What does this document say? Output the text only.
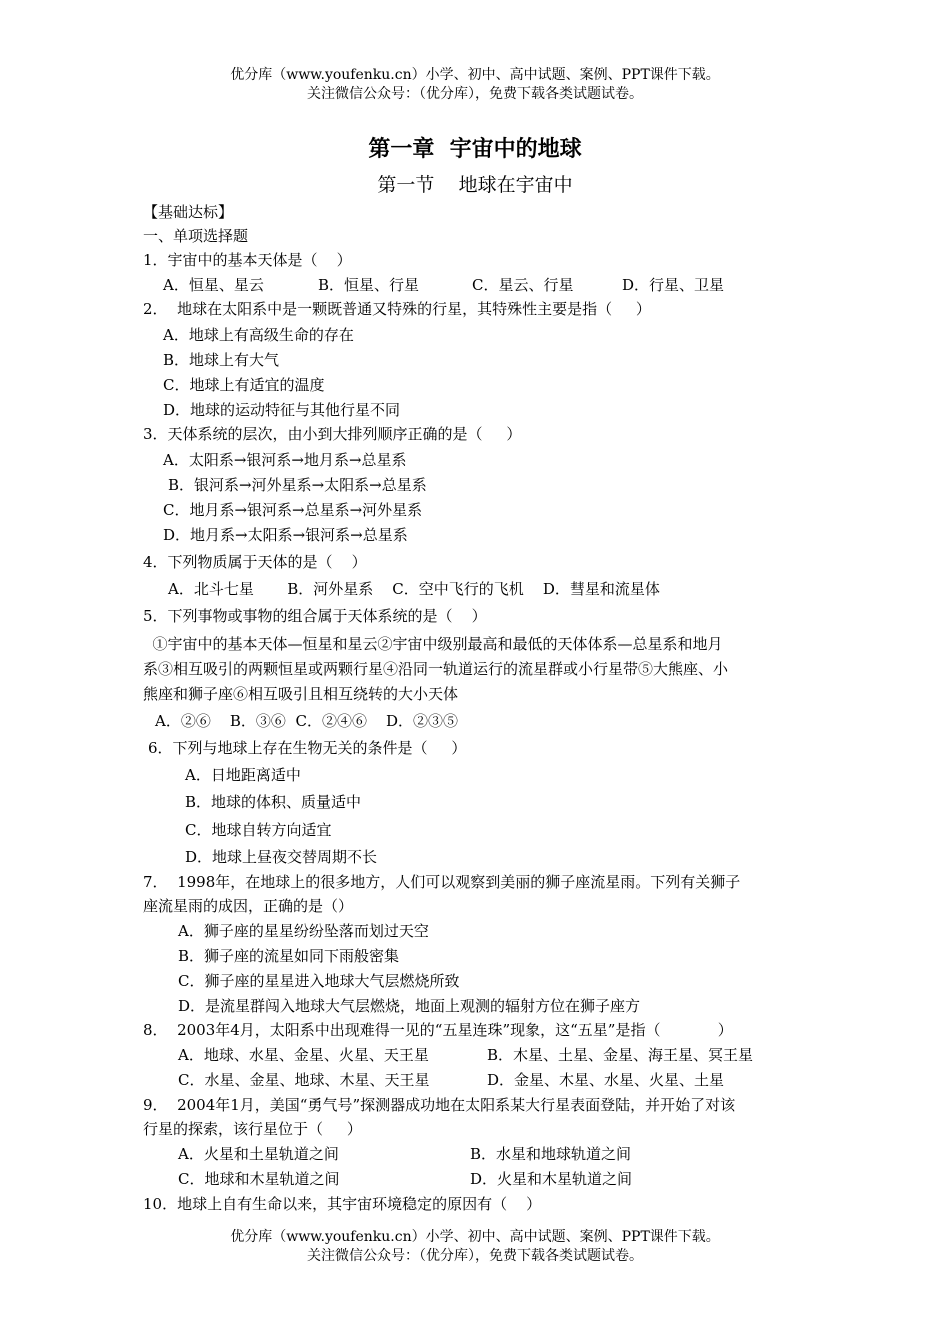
优分库（www.youfenku.cn）小学、初中、高中试题、案例、PPT课件下载。
关注微信公众号：（优分库），免费下载各类试题试卷。
第一章  宇宙中的地球
第一节    地球在宇宙中
【基础达标】
一、单项选择题
1．宇宙中的基本天体是（    ）
A．恒星、星云	B．恒星、行星	C．星云、行星	D．行星、卫星
2．  地球在太阳系中是一颗既普通又特殊的行星，其特殊性主要是指（     ）
A．地球上有高级生命的存在
B．地球上有大气
C．地球上有适宜的温度
D．地球的运动特征与其他行星不同
3．天体系统的层次，由小到大排列顺序正确的是（     ）
A．太阳系→银河系→地月系→总星系
B．银河系→河外星系→太阳系→总星系
C．地月系→银河系→总星系→河外星系
D．地月系→太阳系→银河系→总星系
4．下列物质属于天体的是（    ）
A．北斗七星       B．河外星系    C．空中飞行的飞机    D．彗星和流星体
5．下列事物或事物的组合属于天体系统的是（    ）
①宇宙中的基本天体—恒星和星云②宇宙中级别最高和最低的天体体系—总星系和地月
系③相互吸引的两颗恒星或两颗行星④沿同一轨道运行的流星群或小行星带⑤大熊座、小
熊座和狮子座⑥相互吸引且相互绕转的大小天体
A．②⑥    B．③⑥  C．②④⑥    D．②③⑤
6．下列与地球上存在生物无关的条件是（     ）
A．日地距离适中
B．地球的体积、质量适中
C．地球自转方向适宜
D．地球上昼夜交替周期不长
7．  1998年，在地球上的很多地方，人们可以观察到美丽的狮子座流星雨。下列有关狮子
座流星雨的成因，正确的是（）
A．狮子座的星星纷纷坠落而划过天空
B．狮子座的流星如同下雨般密集
C．狮子座的星星进入地球大气层燃烧所致
D．是流星群闯入地球大气层燃烧，地面上观测的辐射方位在狮子座方
8．  2003年4月，太阳系中出现难得一见的“五星连珠”现象，这“五星”是指（            ）
A．地球、水星、金星、火星、天王星	B．木星、土星、金星、海王星、冥王星
C．水星、金星、地球、木星、天王星	D．金星、木星、水星、火星、土星
9．  2004年1月，美国“勇气号”探测器成功地在太阳系某大行星表面登陆，并开始了对该
行星的探索，该行星位于（     ）
A．火星和土星轨道之间	B．水星和地球轨道之间
C．地球和木星轨道之间	D．火星和木星轨道之间
10．地球上自有生命以来，其宇宙环境稳定的原因有（    ）
优分库（www.youfenku.cn）小学、初中、高中试题、案例、PPT课件下载。
关注微信公众号：（优分库），免费下载各类试题试卷。
